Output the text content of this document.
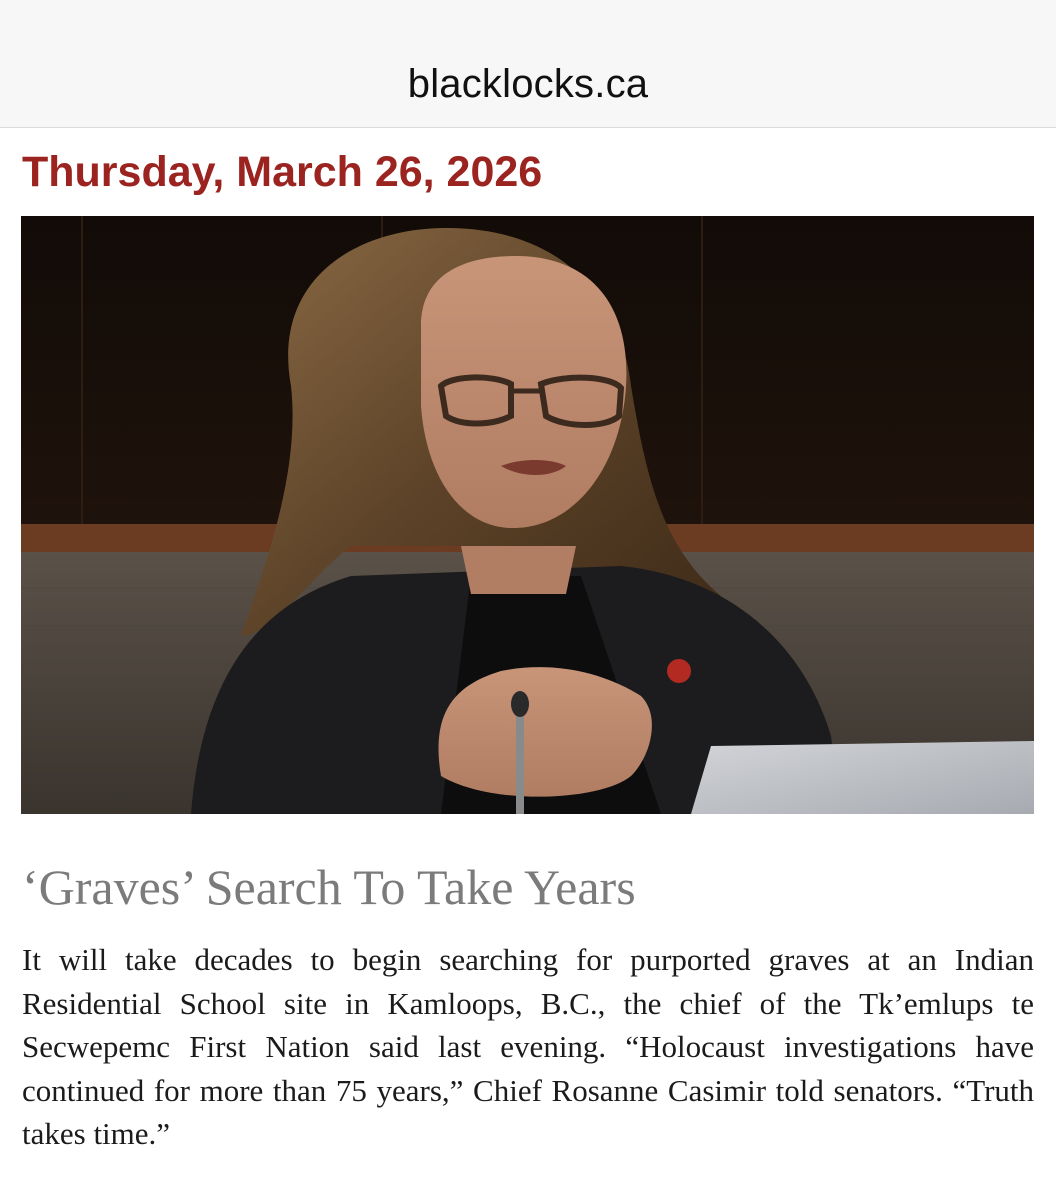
blacklocks.ca
Thursday, March 26, 2026
‘Graves’ Search To Take Years

It will take decades to begin searching for purported graves at an Indian Residential School site in Kamloops, B.C., the chief of the Tk’emlups te Secwepemc First Nation said last evening. “Holocaust investigations have continued for more than 75 years,” Chief Rosanne Casimir told senators. “Truth takes time.”
